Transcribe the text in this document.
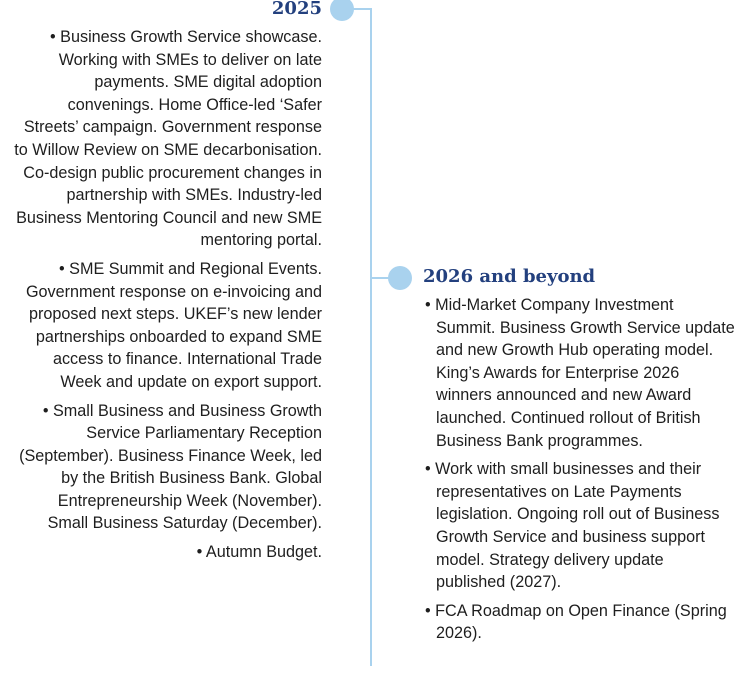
2025
• Business Growth Service showcase. Working with SMEs to deliver on late payments. SME digital adoption convenings. Home Office-led ‘Safer Streets’ campaign. Government response to Willow Review on SME decarbonisation. Co-design public procurement changes in partnership with SMEs. Industry-led Business Mentoring Council and new SME mentoring portal.
• SME Summit and Regional Events. Government response on e-invoicing and proposed next steps. UKEF’s new lender partnerships onboarded to expand SME access to finance. International Trade Week and update on export support.
• Small Business and Business Growth Service Parliamentary Reception (September). Business Finance Week, led by the British Business Bank. Global Entrepreneurship Week (November). Small Business Saturday (December).
• Autumn Budget.
2026 and beyond
• Mid-Market Company Investment Summit. Business Growth Service update and new Growth Hub operating model. King’s Awards for Enterprise 2026 winners announced and new Award launched. Continued rollout of British Business Bank programmes.
• Work with small businesses and their representatives on Late Payments legislation. Ongoing roll out of Business Growth Service and business support model. Strategy delivery update published (2027).
• FCA Roadmap on Open Finance (Spring 2026).
